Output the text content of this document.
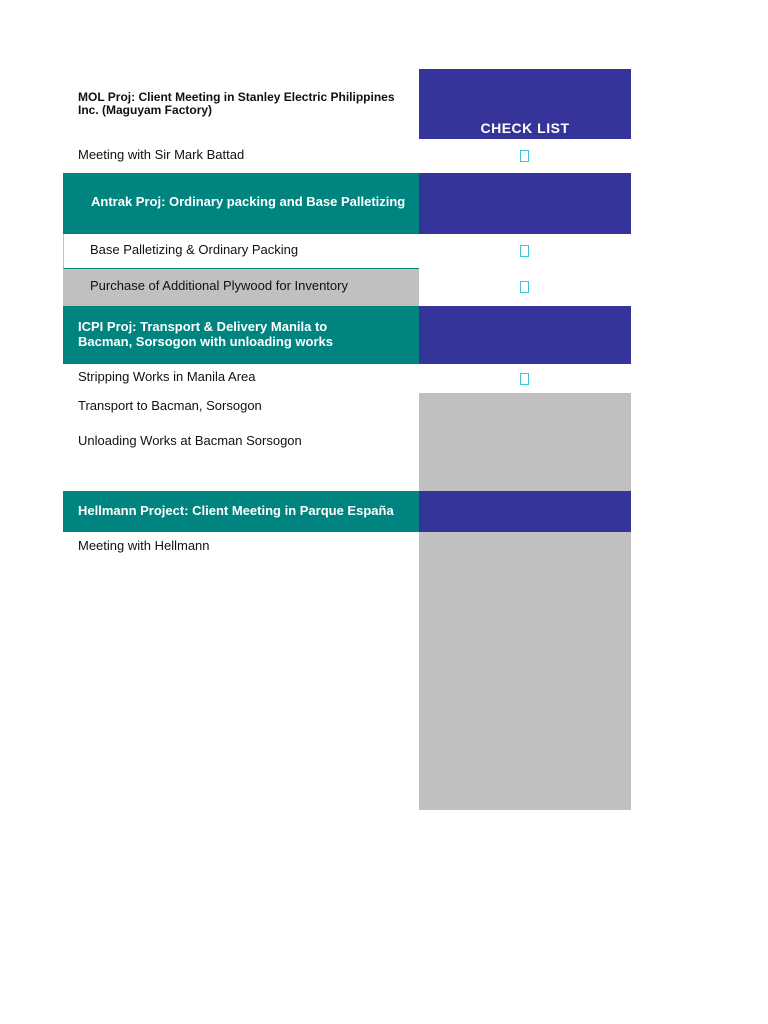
MOL Proj: Client Meeting in Stanley Electric Philippines Inc. (Maguyam Factory)
CHECK LIST
Meeting with Sir Mark Battad
Antrak Proj: Ordinary packing and Base Palletizing
Base Palletizing & Ordinary Packing
Purchase of Additional Plywood for Inventory
ICPI Proj: Transport & Delivery Manila to Bacman, Sorsogon with unloading works
Stripping Works in Manila Area
Transport to Bacman, Sorsogon
Unloading Works at Bacman Sorsogon
Hellmann Project: Client Meeting in Parque España
Meeting with Hellmann
